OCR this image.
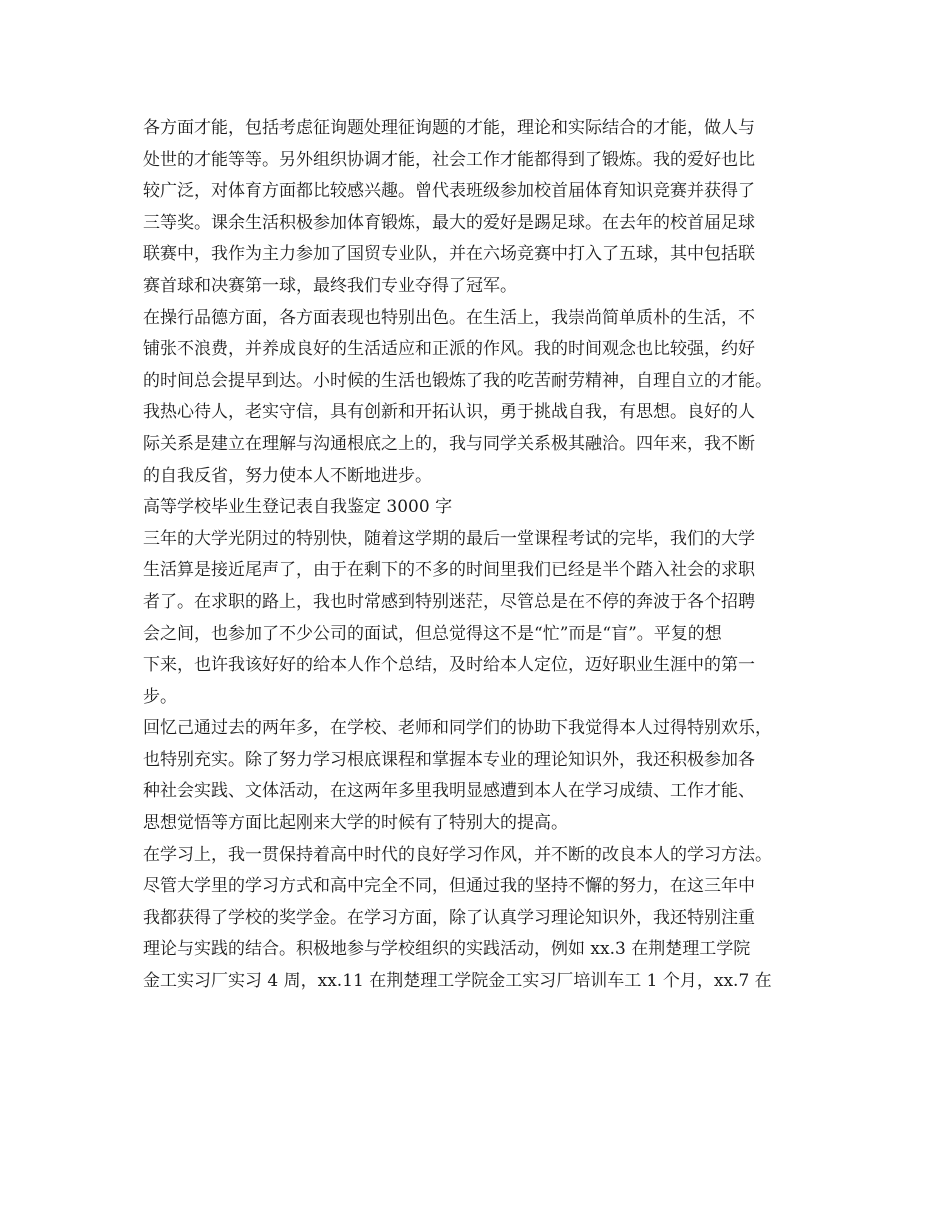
各方面才能，包括考虑征询题处理征询题的才能，理论和实际结合的才能，做人与
处世的才能等等。另外组织协调才能，社会工作才能都得到了锻炼。我的爱好也比
较广泛，对体育方面都比较感兴趣。曾代表班级参加校首届体育知识竞赛并获得了
三等奖。课余生活积极参加体育锻炼，最大的爱好是踢足球。在去年的校首届足球
联赛中，我作为主力参加了国贸专业队，并在六场竞赛中打入了五球，其中包括联
赛首球和决赛第一球，最终我们专业夺得了冠军。
在操行品德方面，各方面表现也特别出色。在生活上，我崇尚简单质朴的生活，不
铺张不浪费，并养成良好的生活适应和正派的作风。我的时间观念也比较强，约好
的时间总会提早到达。小时候的生活也锻炼了我的吃苦耐劳精神，自理自立的才能。
我热心待人，老实守信，具有创新和开拓认识，勇于挑战自我，有思想。良好的人
际关系是建立在理解与沟通根底之上的，我与同学关系极其融洽。四年来，我不断
的自我反省，努力使本人不断地进步。
高等学校毕业生登记表自我鉴定 3000 字
三年的大学光阴过的特别快，随着这学期的最后一堂课程考试的完毕，我们的大学
生活算是接近尾声了，由于在剩下的不多的时间里我们已经是半个踏入社会的求职
者了。在求职的路上，我也时常感到特别迷茫，尽管总是在不停的奔波于各个招聘
会之间，也参加了不少公司的面试，但总觉得这不是“忙”而是“盲”。平复的想
下来，也许我该好好的给本人作个总结，及时给本人定位，迈好职业生涯中的第一
步。
回忆己通过去的两年多，在学校、老师和同学们的协助下我觉得本人过得特别欢乐，
也特别充实。除了努力学习根底课程和掌握本专业的理论知识外，我还积极参加各
种社会实践、文体活动，在这两年多里我明显感遭到本人在学习成绩、工作才能、
思想觉悟等方面比起刚来大学的时候有了特别大的提高。
在学习上，我一贯保持着高中时代的良好学习作风，并不断的改良本人的学习方法。
尽管大学里的学习方式和高中完全不同，但通过我的坚持不懈的努力，在这三年中
我都获得了学校的奖学金。在学习方面，除了认真学习理论知识外，我还特别注重
理论与实践的结合。积极地参与学校组织的实践活动，例如 xx.3 在荆楚理工学院
金工实习厂实习 4 周，xx.11 在荆楚理工学院金工实习厂培训车工 1 个月，xx.7 在
